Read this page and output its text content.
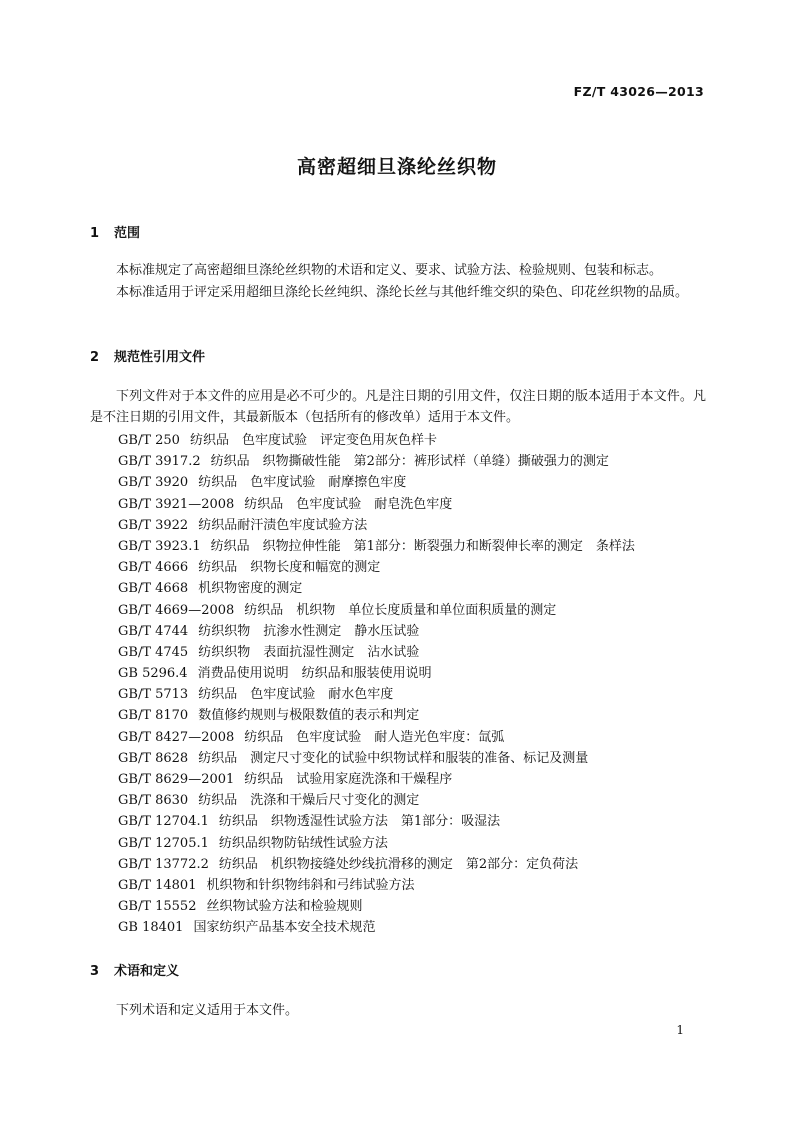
FZ/T 43026—2013
高密超细旦涤纶丝织物
1 范围
本标准规定了高密超细旦涤纶丝织物的术语和定义、要求、试验方法、检验规则、包装和标志。
本标准适用于评定采用超细旦涤纶长丝纯织、涤纶长丝与其他纤维交织的染色、印花丝织物的品质。
2 规范性引用文件
下列文件对于本文件的应用是必不可少的。凡是注日期的引用文件，仅注日期的版本适用于本文件。凡是不注日期的引用文件，其最新版本（包括所有的修改单）适用于本文件。
GB/T 250 纺织品　色牢度试验　评定变色用灰色样卡
GB/T 3917.2 纺织品　织物撕破性能　第2部分：裤形试样（单缝）撕破强力的测定
GB/T 3920 纺织品　色牢度试验　耐摩擦色牢度
GB/T 3921—2008 纺织品　色牢度试验　耐皂洗色牢度
GB/T 3922 纺织品耐汗渍色牢度试验方法
GB/T 3923.1 纺织品　织物拉伸性能　第1部分：断裂强力和断裂伸长率的测定　条样法
GB/T 4666 纺织品　织物长度和幅宽的测定
GB/T 4668 机织物密度的测定
GB/T 4669—2008 纺织品　机织物　单位长度质量和单位面积质量的测定
GB/T 4744 纺织织物　抗渗水性测定　静水压试验
GB/T 4745 纺织织物　表面抗湿性测定　沾水试验
GB 5296.4 消费品使用说明　纺织品和服装使用说明
GB/T 5713 纺织品　色牢度试验　耐水色牢度
GB/T 8170 数值修约规则与极限数值的表示和判定
GB/T 8427—2008 纺织品　色牢度试验　耐人造光色牢度：氙弧
GB/T 8628 纺织品　测定尺寸变化的试验中织物试样和服装的准备、标记及测量
GB/T 8629—2001 纺织品　试验用家庭洗涤和干燥程序
GB/T 8630 纺织品　洗涤和干燥后尺寸变化的测定
GB/T 12704.1 纺织品　织物透湿性试验方法　第1部分：吸湿法
GB/T 12705.1 纺织品织物防钻绒性试验方法
GB/T 13772.2 纺织品　机织物接缝处纱线抗滑移的测定　第2部分：定负荷法
GB/T 14801 机织物和针织物纬斜和弓纬试验方法
GB/T 15552 丝织物试验方法和检验规则
GB 18401 国家纺织产品基本安全技术规范
3 术语和定义
下列术语和定义适用于本文件。
1
